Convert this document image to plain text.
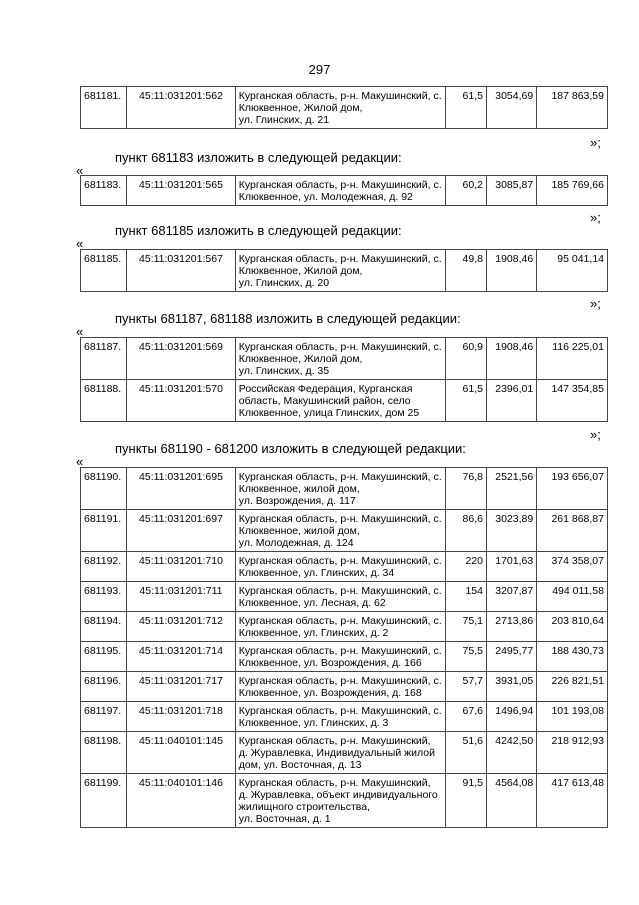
297
681181.	45:11:031201:562	Курганская область, р-н. Макушинский, с. Клюквенное, Жилой дом,
ул. Глинских, д. 21	61,5	3054,69	187 863,59
»;
пункт 681183 изложить в следующей редакции:
«
681183.	45:11:031201:565	Курганская область, р-н. Макушинский, с. Клюквенное, ул. Молодежная, д. 92	60,2	3085,87	185 769,66
»;
пункт 681185 изложить в следующей редакции:
«
681185.	45:11:031201:567	Курганская область, р-н. Макушинский, с. Клюквенное, Жилой дом,
ул. Глинских, д. 20	49,8	1908,46	95 041,14
»;
пункты 681187, 681188 изложить в следующей редакции:
«
681187.	45:11:031201:569	Курганская область, р-н. Макушинский, с. Клюквенное, Жилой дом,
ул. Глинских, д. 35	60,9	1908,46	116 225,01
681188.	45:11:031201:570	Российская Федерация, Курганская область, Макушинский район, село Клюквенное, улица Глинских, дом 25	61,5	2396,01	147 354,85
»;
пункты 681190 - 681200 изложить в следующей редакции:
«
681190.	45:11:031201:695	Курганская область, р-н. Макушинский, с. Клюквенное, жилой дом,
ул. Возрождения, д. 117	76,8	2521,56	193 656,07
681191.	45:11:031201:697	Курганская область, р-н. Макушинский, с. Клюквенное, жилой дом,
ул. Молодежная, д. 124	86,6	3023,89	261 868,87
681192.	45:11:031201:710	Курганская область, р-н. Макушинский, с. Клюквенное, ул. Глинских, д. 34	220	1701,63	374 358,07
681193.	45:11:031201:711	Курганская область, р-н. Макушинский, с. Клюквенное, ул. Лесная, д. 62	154	3207,87	494 011,58
681194.	45:11:031201:712	Курганская область, р-н. Макушинский, с. Клюквенное, ул. Глинских, д. 2	75,1	2713,86	203 810,64
681195.	45:11:031201:714	Курганская область, р-н. Макушинский, с. Клюквенное, ул. Возрождения, д. 166	75,5	2495,77	188 430,73
681196.	45:11:031201:717	Курганская область, р-н. Макушинский, с. Клюквенное, ул. Возрождения, д. 168	57,7	3931,05	226 821,51
681197.	45:11:031201:718	Курганская область, р-н. Макушинский, с. Клюквенное, ул. Глинских, д. 3	67,6	1496,94	101 193,08
681198.	45:11:040101:145	Курганская область, р-н. Макушинский, д. Журавлевка, Индивидуальный жилой дом, ул. Восточная, д. 13	51,6	4242,50	218 912,93
681199.	45:11:040101:146	Курганская область, р-н. Макушинский, д. Журавлевка, объект индивидуального жилищного строительства,
ул. Восточная, д. 1	91,5	4564,08	417 613,48
